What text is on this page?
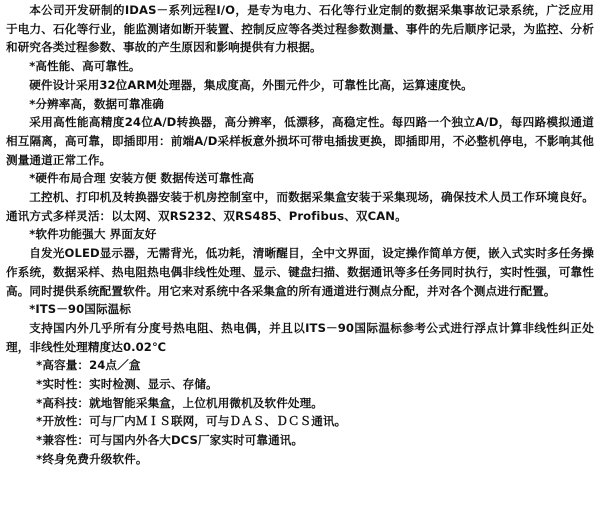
本公司开发研制的IDAS－系列远程I/O，是专为电力、石化等行业定制的数据采集事故记录系统，广泛应用于电力、石化等行业，能监测诸如断开装置、控制反应等各类过程参数测量、事件的先后顺序记录，为监控、分析和研究各类过程参数、事故的产生原因和影响提供有力根据。

*高性能、高可靠性。

硬件设计采用32位ARM处理器，集成度高，外围元件少，可靠性比高，运算速度快。

*分辨率高，数据可靠准确

采用高性能高精度24位A/D转换器，高分辨率，低漂移，高稳定性。每四路一个独立A/D，每四路模拟通道相互隔离，高可靠，即插即用：前端A/D采样板意外损坏可带电插拔更换，即插即用，不必整机停电，不影响其他测量通道正常工作。

*硬件布局合理 安装方便 数据传送可靠性高

工控机、打印机及转换器安装于机房控制室中，而数据采集盒安装于采集现场，确保技术人员工作环境良好。通讯方式多样灵活：以太网、双RS232、双RS485、Profibus、双CAN。

*软件功能强大 界面友好

自发光OLED显示器，无需背光，低功耗，清晰醒目，全中文界面，设定操作简单方便，嵌入式实时多任务操作系统，数据采样、热电阻热电偶非线性处理、显示、键盘扫描、数据通讯等多任务同时执行，实时性强，可靠性高。同时提供系统配置软件。用它来对系统中各采集盒的所有通道进行测点分配，并对各个测点进行配置。

*ITS－90国际温标

支持国内外几乎所有分度号热电阻、热电偶，并且以ITS－90国际温标参考公式进行浮点计算非线性纠正处理，非线性处理精度达0.02℃

*高容量：24点／盒

*实时性：实时检测、显示、存储。

*高科技：就地智能采集盒，上位机用微机及软件处理。

*开放性：可与厂内ＭＩＳ联网，可与ＤＡＳ、ＤＣＳ通讯。

*兼容性：可与国内外各大DCS厂家实时可靠通讯。

*终身免费升级软件。
